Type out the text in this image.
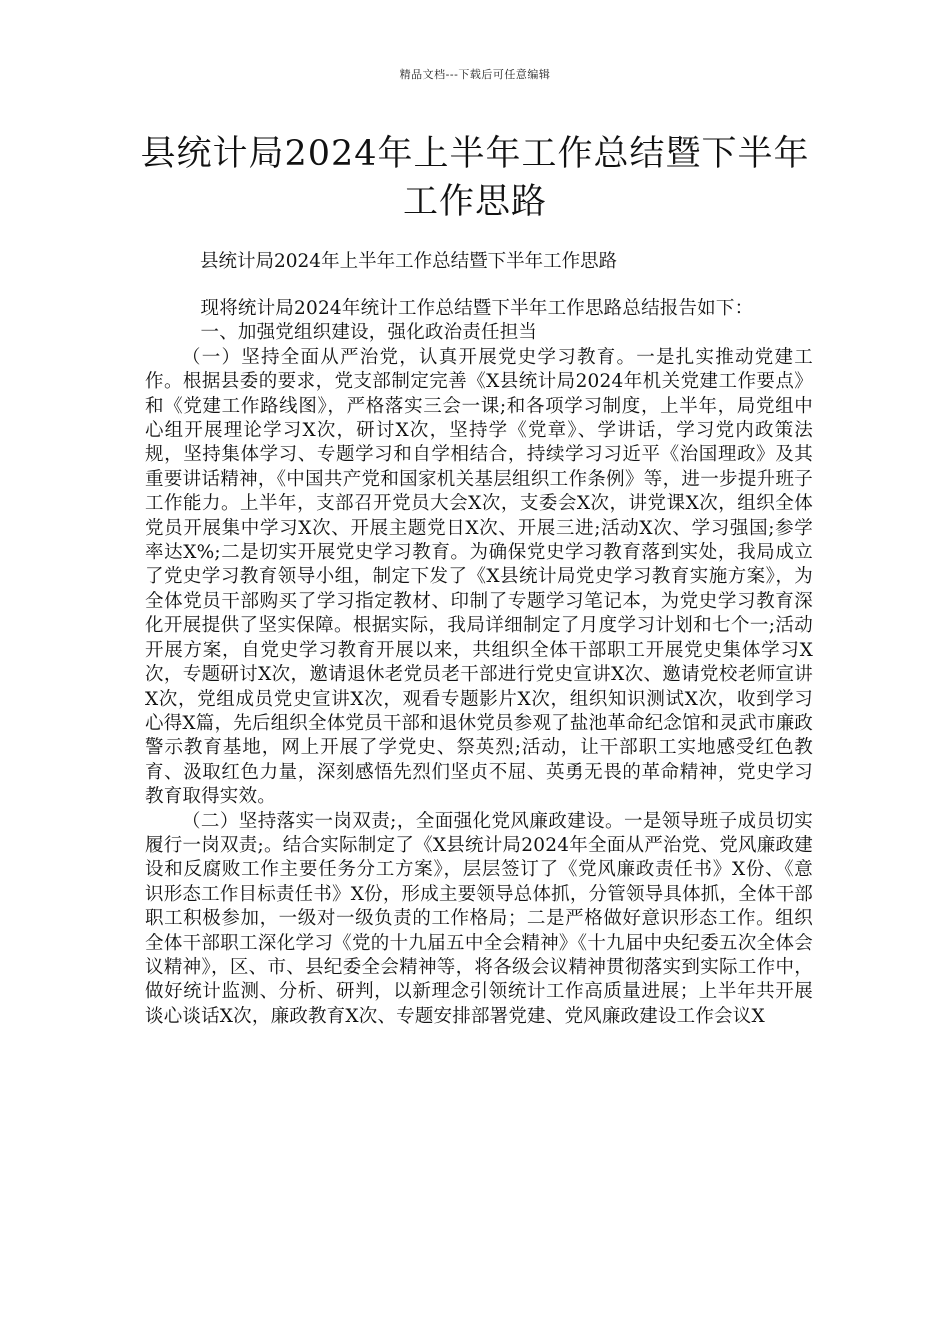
精品文档---下载后可任意编辑
县统计局2024年上半年工作总结暨下半年工作思路
县统计局2024年上半年工作总结暨下半年工作思路

现将统计局2024年统计工作总结暨下半年工作思路总结报告如下：

一、加强党组织建设，强化政治责任担当

（一）坚持全面从严治党，认真开展党史学习教育。一是扎实推动党建工作。根据县委的要求，党支部制定完善《X县统计局2024年机关党建工作要点》和《党建工作路线图》，严格落实三会一课;和各项学习制度，上半年，局党组中心组开展理论学习X次，研讨X次，坚持学《党章》、学讲话，学习党内政策法规，坚持集体学习、专题学习和自学相结合，持续学习习近平《治国理政》及其重要讲话精神，《中国共产党和国家机关基层组织工作条例》等，进一步提升班子工作能力。上半年，支部召开党员大会X次，支委会X次，讲党课X次，组织全体党员开展集中学习X次、开展主题党日X次、开展三进;活动X次、学习强国;参学率达X%;二是切实开展党史学习教育。为确保党史学习教育落到实处，我局成立了党史学习教育领导小组，制定下发了《X县统计局党史学习教育实施方案》，为全体党员干部购买了学习指定教材、印制了专题学习笔记本，为党史学习教育深化开展提供了坚实保障。根据实际，我局详细制定了月度学习计划和七个一;活动开展方案，自党史学习教育开展以来，共组织全体干部职工开展党史集体学习X次，专题研讨X次，邀请退休老党员老干部进行党史宣讲X次、邀请党校老师宣讲X次，党组成员党史宣讲X次，观看专题影片X次，组织知识测试X次，收到学习心得X篇，先后组织全体党员干部和退休党员参观了盐池革命纪念馆和灵武市廉政警示教育基地，网上开展了学党史、祭英烈;活动，让干部职工实地感受红色教育、汲取红色力量，深刻感悟先烈们坚贞不屈、英勇无畏的革命精神，党史学习教育取得实效。

（二）坚持落实一岗双责;，全面强化党风廉政建设。一是领导班子成员切实履行一岗双责;。结合实际制定了《X县统计局2024年全面从严治党、党风廉政建设和反腐败工作主要任务分工方案》，层层签订了《党风廉政责任书》X份、《意识形态工作目标责任书》X份，形成主要领导总体抓，分管领导具体抓，全体干部职工积极参加，一级对一级负责的工作格局；二是严格做好意识形态工作。组织全体干部职工深化学习《党的十九届五中全会精神》《十九届中央纪委五次全体会议精神》，区、市、县纪委全会精神等，将各级会议精神贯彻落实到实际工作中，做好统计监测、分析、研判，以新理念引领统计工作高质量进展；上半年共开展谈心谈话X次，廉政教育X次、专题安排部署党建、党风廉政建设工作会议X
